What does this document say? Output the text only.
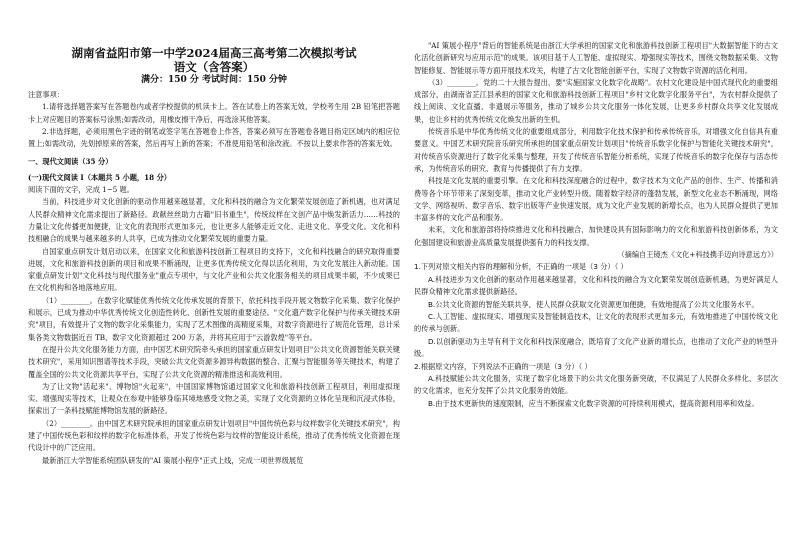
湖南省益阳市第一中学2024届高三高考第二次模拟考试
语文（含答案）
满分：150 分 考试时间：150 分钟

注意事项：

1.请将选择题答案写在答题卷内或者学校提供的机读卡上。答在试卷上的答案无效，学校考生用 2B 铅笔把答题卡上对应题目的答案标号涂黑;如需改动，用橡皮擦干净后，再选涂其他答案。

2.非选择题，必须用黑色字迹的钢笔或签字笔在答题卷上作答，答案必须写在答题卷各题目指定区域内的相应位置上;如需改动，先划掉原来的答案，然后再写上新的答案；不准使用铅笔和涂改液。不按以上要求作答的答案无效。

一、现代文阅读（35 分）

(一)现代文阅读 I（本题共 5 小题，18 分）

阅读下面的文字，完成 1~5 题。

当前，科技进步对文化创新的驱动作用越来越显著，文化和科技的融合为文化繁荣发展创造了新机遇，也对满足人民群众精神文化需求提出了新路径。政献丝丝助力古籍"旧书重生"，传统纹样在文创产品中焕发新活力……科技的力量让文化传播更加便捷，让文化的表现形式更加多元，也让更多人能够走近文化、走进文化、享受文化。文化和科技相融合的成果与越来越多的人共享，已成为推动文化繁荣发展的重要力量。

自国家重点研发计划启动以来，在国家文化和旅游科技创新工程项目的支持下，文化和科技融合的研究取得重要进展，文化和旅游科技创新的项目和成果不断涌现，让更多优秀传统文化得以活化利用，为文化发展注入新动能。国家重点研发计划"文化科技与现代服务业"重点专项中，与文化产业和公共文化服务相关的项目成果丰硕，不少成果已在文化机构和各地落地应用。

（1）________。在数字化赋能优秀传统文化传承发展的背景下，依托科技手段开展文物数字化采集、数字化保护和展示，已成为推动中华优秀传统文化创造性转化、创新性发展的重要途径。"文化遗产数字化保护与传承关键技术研究"项目，有效提升了文物的数字化采集能力，实现了艺术图像的高精度采集，对数字资源进行了规范化管理，总计采集各类文物数据近百 TB，数字文化资源超过 200 万条，并将其应用于"云游敦煌"等平台。

在提升公共文化服务能力方面，由中国艺术研究院牵头承担的国家重点研发计划项目"公共文化资源智能关联关键技术研究"，采用知识图谱等技术手段，突破公共文化资源多源异构数据的整合、汇聚与智能服务等关键技术，构建了覆盖全国的公共文化资源共享平台，实现了公共文化资源的精准推送和高效利用。

为了让文物"活起来"、博物馆"火起来"，中国国家博物馆通过国家文化和旅游科技创新工程项目，利用虚拟现实、增强现实等技术，让观众在参观中能够身临其境地感受文物之美，实现了文化资源的立体化呈现和沉浸式体验，探索出了一条科技赋能博物馆发展的新路径。

（2）________。由中国艺术研究院承担的国家重点研发计划项目"中国传统色彩与纹样数字化关键技术研究"，构建了中国传统色彩和纹样的数字化标准体系，开发了传统色彩与纹样的智能设计系统，推动了优秀传统文化资源在现代设计中的广泛应用。

最新浙江大学智能系统团队研发的"AI 策展小程序"正式上线，完成一项世界级展览

"AI 策展小程序"背后的智能系统是由浙江大学承担的国家文化和旅游科技创新工程项目"大数据智能下的古文化活化创新研究与应用示范"的成果。该项目基于人工智能、虚拟现实、增强现实等技术，围绕文物数据采集、文物智能修复、智能展示等方面开展技术攻关，构建了古文化智能创新平台，实现了文物数字资源的活化利用。

（3）________。党的二十大报告提出，要"实施国家文化数字化战略"。农村文化建设是中国式现代化的重要组成部分，由湖南省芷江县承担的国家文化和旅游科技创新工程项目"乡村文化数字化服务平台"，为农村群众提供了线上阅读、文化直播、非遗展示等服务，推动了城乡公共文化服务一体化发展，让更多乡村群众共享文化发展成果，也让乡村的优秀传统文化焕发出新的生机。

传统音乐是中华优秀传统文化的重要组成部分，利用数字化技术保护和传承传统音乐，对增强文化自信具有重要意义。中国艺术研究院音乐研究所承担的国家重点研发计划项目"传统音乐数字化保护与智能化关键技术研究"，对传统音乐资源进行了数字化采集与整理，开发了传统音乐智能分析系统，实现了传统音乐的数字化保存与活态传承，为传统音乐的研究、教育与传播提供了有力支撑。

科技是文化发展的重要引擎。在文化和科技深度融合的过程中，数字技术为文化产品的创作、生产、传播和消费等各个环节带来了深刻变革，推动文化产业转型升级。随着数字经济的蓬勃发展，新型文化业态不断涌现，网络文学、网络视听、数字音乐、数字出版等产业快速发展，成为文化产业发展的新增长点，也为人民群众提供了更加丰富多样的文化产品和服务。

未来，文化和旅游部将持续推进文化和科技融合，加快建设具有国际影响力的文化和旅游科技创新体系，为文化强国建设和旅游业高质量发展提供强有力的科技支撑。

（摘编自王镜杰《文化+科技携手迈向诗意远方》）

1.下列对原文相关内容的理解和分析，不正确的一项是（3 分）（ ）

A.科技进步为文化创新的驱动作用越来越显著，文化和科技的融合为文化繁荣发展创造新机遇，为更好满足人民群众精神文化需求提供新路径。

B.公共文化资源的智能关联共享，使人民群众获取文化资源更加便捷，有效地提高了公共文化服务水平。

C.人工智能、虚拟现实、增强现实及智能制造技术，让文化的表现形式更加多元，有效地推进了中国传统文化的传承与创新。

D.以创新驱动为主导有利于文化和科技深度融合，既培育了文化产业新的增长点，也推动了文化产业的转型升级。

2.根据原文内容，下列说法不正确的一项是（3 分）（ ）

A.科技赋能公共文化服务，实现了数字化场景下的公共文化服务新突破，不仅满足了人民群众多样化、多层次的文化需求，也充分发挥了公共文化服务的效能。

B.由于技术更新快的速度限制，应当不断探索文化数字资源的可持续利用模式，提高资源利用率和效益。
